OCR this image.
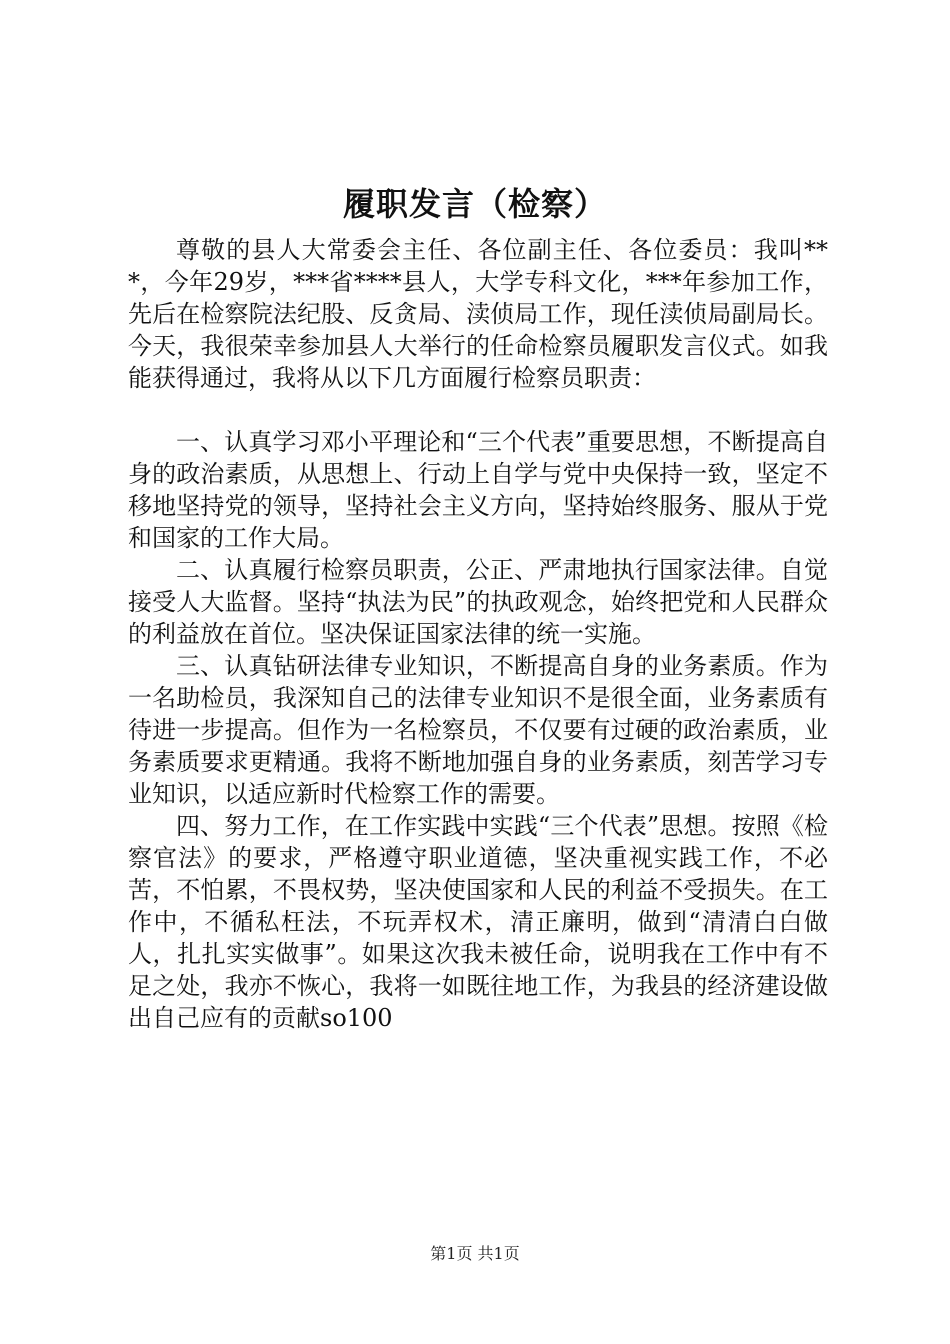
履职发言（检察）

尊敬的县人大常委会主任、各位副主任、各位委员：我叫***，今年29岁，***省****县人，大学专科文化，***年参加工作，先后在检察院法纪股、反贪局、渎侦局工作，现任渎侦局副局长。今天，我很荣幸参加县人大举行的任命检察员履职发言仪式。如我能获得通过，我将从以下几方面履行检察员职责：

一、认真学习邓小平理论和“三个代表”重要思想，不断提高自身的政治素质，从思想上、行动上自学与党中央保持一致，坚定不移地坚持党的领导，坚持社会主义方向，坚持始终服务、服从于党和国家的工作大局。

二、认真履行检察员职责，公正、严肃地执行国家法律。自觉接受人大监督。坚持“执法为民”的执政观念，始终把党和人民群众的利益放在首位。坚决保证国家法律的统一实施。

三、认真钻研法律专业知识，不断提高自身的业务素质。作为一名助检员，我深知自己的法律专业知识不是很全面，业务素质有待进一步提高。但作为一名检察员，不仅要有过硬的政治素质，业务素质要求更精通。我将不断地加强自身的业务素质，刻苦学习专业知识，以适应新时代检察工作的需要。

四、努力工作，在工作实践中实践“三个代表”思想。按照《检察官法》的要求，严格遵守职业道德，坚决重视实践工作，不必苦，不怕累，不畏权势，坚决使国家和人民的利益不受损失。在工作中，不循私枉法，不玩弄权术，清正廉明，做到“清清白白做人，扎扎实实做事”。如果这次我未被任命，说明我在工作中有不足之处，我亦不恢心，我将一如既往地工作，为我县的经济建设做出自己应有的贡献so100

第1页 共1页
